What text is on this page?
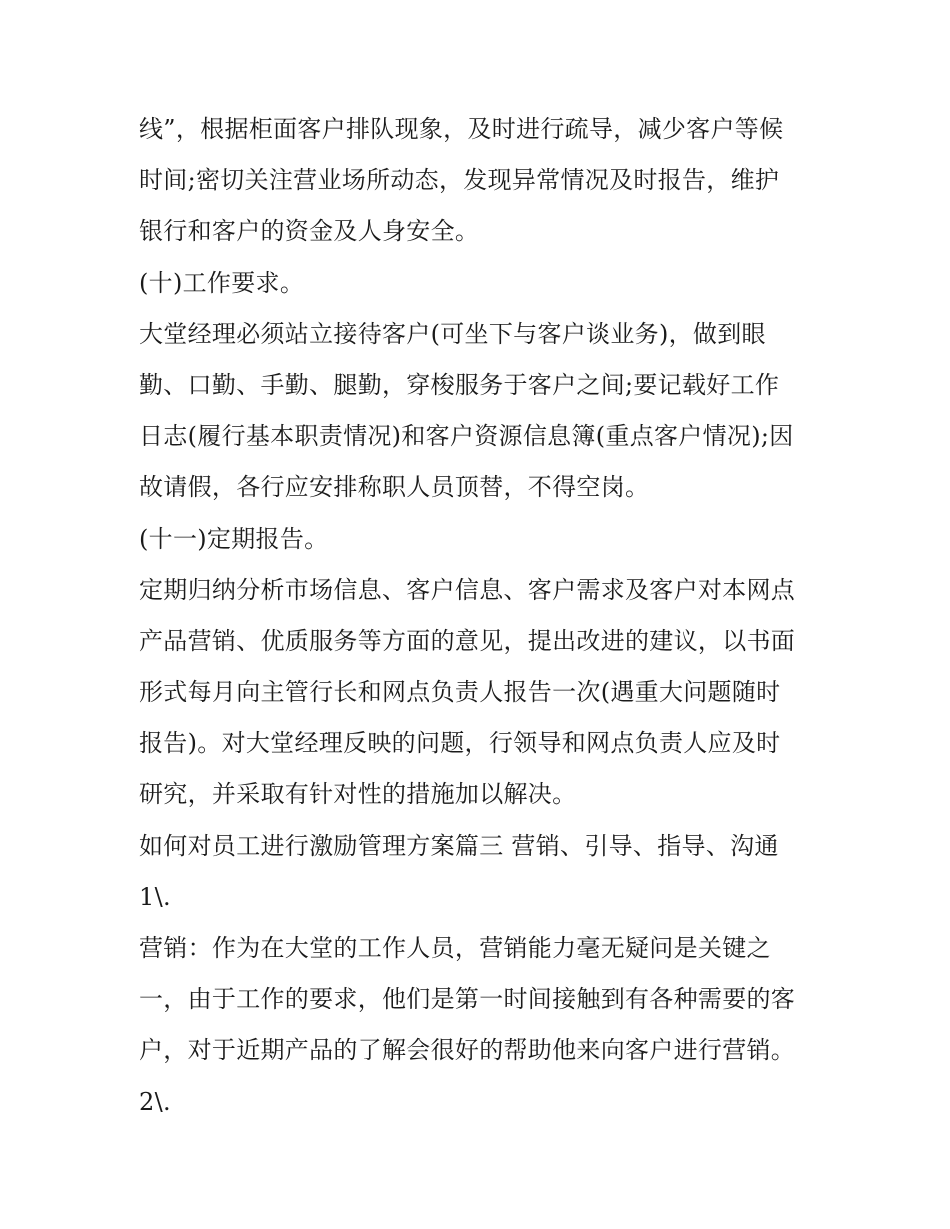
线”，根据柜面客户排队现象，及时进行疏导，减少客户等候
时间;密切关注营业场所动态，发现异常情况及时报告，维护
银行和客户的资金及人身安全。
(十)工作要求。
大堂经理必须站立接待客户(可坐下与客户谈业务)，做到眼
勤、口勤、手勤、腿勤，穿梭服务于客户之间;要记载好工作
日志(履行基本职责情况)和客户资源信息簿(重点客户情况);因
故请假，各行应安排称职人员顶替，不得空岗。
(十一)定期报告。
定期归纳分析市场信息、客户信息、客户需求及客户对本网点
产品营销、优质服务等方面的意见，提出改进的建议，以书面
形式每月向主管行长和网点负责人报告一次(遇重大问题随时
报告)。对大堂经理反映的问题，行领导和网点负责人应及时
研究，并采取有针对性的措施加以解决。
如何对员工进行激励管理方案篇三 营销、引导、指导、沟通
1\.
营销：作为在大堂的工作人员，营销能力毫无疑问是关键之
一，由于工作的要求，他们是第一时间接触到有各种需要的客
户，对于近期产品的了解会很好的帮助他来向客户进行营销。
2\.
